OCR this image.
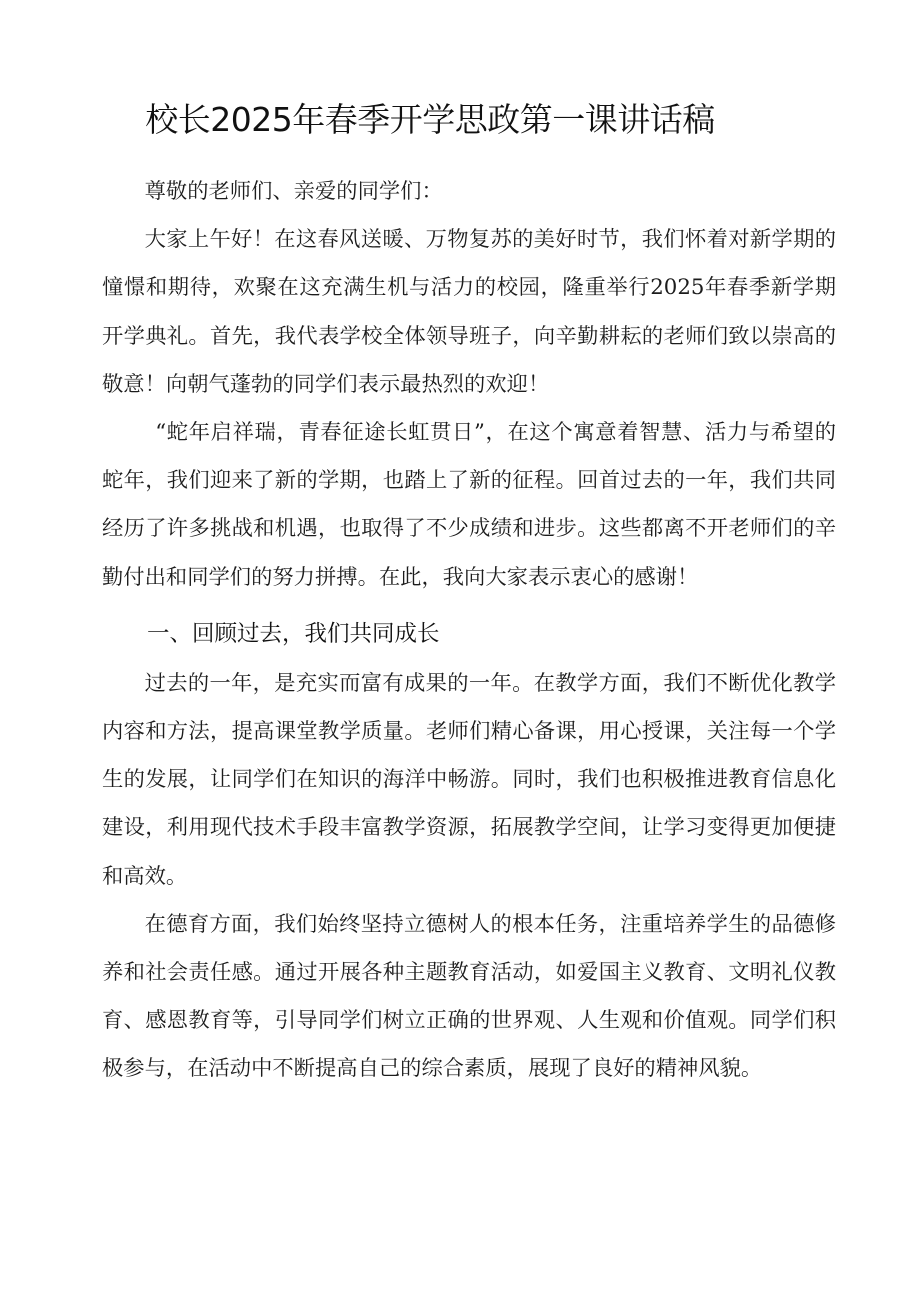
校长2025年春季开学思政第一课讲话稿

尊敬的老师们、亲爱的同学们：

大家上午好！在这春风送暖、万物复苏的美好时节，我们怀着对新学期的憧憬和期待，欢聚在这充满生机与活力的校园，隆重举行2025年春季新学期开学典礼。首先，我代表学校全体领导班子，向辛勤耕耘的老师们致以崇高的敬意！向朝气蓬勃的同学们表示最热烈的欢迎！

“蛇年启祥瑞，青春征途长虹贯日”，在这个寓意着智慧、活力与希望的蛇年，我们迎来了新的学期，也踏上了新的征程。回首过去的一年，我们共同经历了许多挑战和机遇，也取得了不少成绩和进步。这些都离不开老师们的辛勤付出和同学们的努力拼搏。在此，我向大家表示衷心的感谢！

一、回顾过去，我们共同成长

过去的一年，是充实而富有成果的一年。在教学方面，我们不断优化教学内容和方法，提高课堂教学质量。老师们精心备课，用心授课，关注每一个学生的发展，让同学们在知识的海洋中畅游。同时，我们也积极推进教育信息化建设，利用现代技术手段丰富教学资源，拓展教学空间，让学习变得更加便捷和高效。

在德育方面，我们始终坚持立德树人的根本任务，注重培养学生的品德修养和社会责任感。通过开展各种主题教育活动，如爱国主义教育、文明礼仪教育、感恩教育等，引导同学们树立正确的世界观、人生观和价值观。同学们积极参与，在活动中不断提高自己的综合素质，展现了良好的精神风貌。
